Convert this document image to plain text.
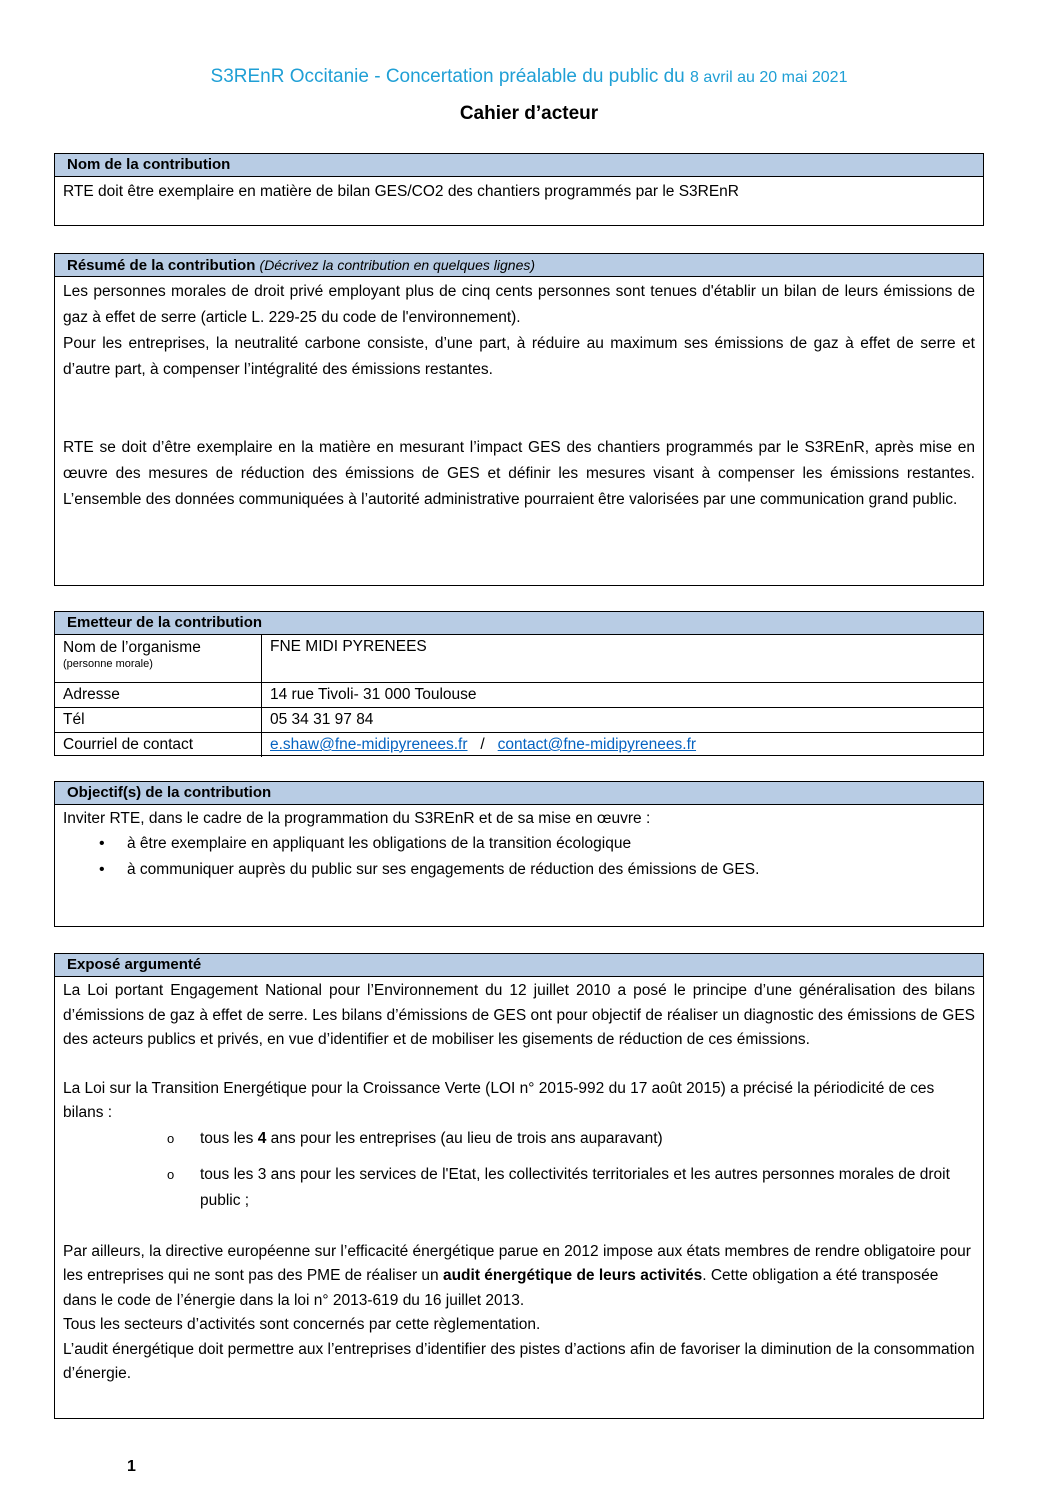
S3REnR Occitanie - Concertation préalable du public du 8 avril au 20 mai 2021
Cahier d’acteur
Nom de la contribution
RTE doit être exemplaire en matière de bilan GES/CO2 des chantiers programmés par le S3REnR
Résumé de la contribution (Décrivez la contribution en quelques lignes)
Les personnes morales de droit privé employant plus de cinq cents personnes sont tenues d'établir un bilan de leurs émissions de gaz à effet de serre (article L. 229-25 du code de l'environnement).
Pour les entreprises, la neutralité carbone consiste, d’une part, à réduire au maximum ses émissions de gaz à effet de serre et d’autre part, à compenser l’intégralité des émissions restantes.
RTE se doit d’être exemplaire en la matière en mesurant l’impact GES des chantiers programmés par le S3REnR, après mise en œuvre des mesures de réduction des émissions de GES et définir les mesures visant à compenser les émissions restantes. L’ensemble des données communiquées à l’autorité administrative pourraient être valorisées par une communication grand public.
Emetteur de la contribution
Nom de l’organisme
(personne morale)	FNE MIDI PYRENEES
Adresse	14 rue Tivoli- 31 000 Toulouse
Tél	05 34 31 97 84
Courriel de contact	e.shaw@fne-midipyrenees.fr   /   contact@fne-midipyrenees.fr
Objectif(s) de la contribution
Inviter RTE, dans le cadre de la programmation du S3REnR et de sa mise en œuvre :
• à être exemplaire en appliquant les obligations de la transition écologique
• à communiquer auprès du public sur ses engagements de réduction des émissions de GES.
Exposé argumenté
La Loi portant Engagement National pour l’Environnement du 12 juillet 2010 a posé le principe d’une généralisation des bilans d’émissions de gaz à effet de serre. Les bilans d’émissions de GES ont pour objectif de réaliser un diagnostic des émissions de GES des acteurs publics et privés, en vue d’identifier et de mobiliser les gisements de réduction de ces émissions.
La Loi sur la Transition Energétique pour la Croissance Verte (LOI n° 2015-992 du 17 août 2015) a précisé la périodicité de ces bilans :
o tous les 4 ans pour les entreprises (au lieu de trois ans auparavant)
o tous les 3 ans pour les services de l'Etat, les collectivités territoriales et les autres personnes morales de droit public ;
Par ailleurs, la directive européenne sur l’efficacité énergétique parue en 2012 impose aux états membres de rendre obligatoire pour les entreprises qui ne sont pas des PME de réaliser un audit énergétique de leurs activités. Cette obligation a été transposée dans le code de l’énergie dans la loi n° 2013-619 du 16 juillet 2013.
Tous les secteurs d’activités sont concernés par cette règlementation.
L’audit énergétique doit permettre aux l’entreprises d’identifier des pistes d’actions afin de favoriser la diminution de la consommation d’énergie.
1
